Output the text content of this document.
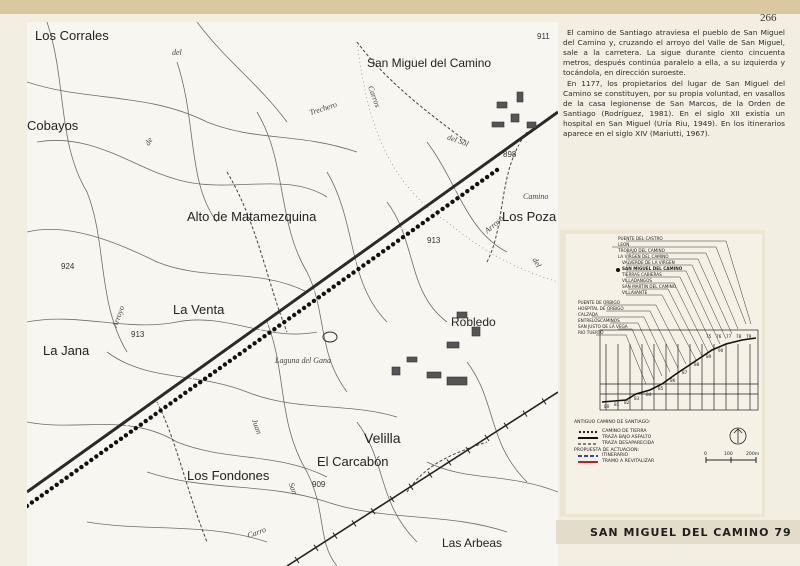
266
Los Corrales
San Miguel del Camino
Cobayos
Alto de Matamezquina	Los Poza
La Venta
La Jana
Robledo
Velilla
El Carcabón
Los Fondones
Las Arbeas
del
Trechero	Carros
del Sol
Camino
Arroyo
Arroyo
Laguna del Gana
Juan
San
Carro
de
del
911
898
913
924
913
909

El camino de Santiago atraviesa el pueblo de San Miguel del Camino y, cruzando el arroyo del Valle de San Miguel, sale a la carretera. La sigue durante ciento cincuenta metros, después continúa paralelo a ella, a su izquierda y tocándola, en dirección suroeste.

En 1177, los propietarios del lugar de San Miguel del Camino se constituyen, por su propia voluntad, en vasallos de la casa legionense de San Marcos, de la Orden de Santiago (Rodríguez, 1981). En el siglo XII existía un hospital en San Miguel (Uría Riu, 1949). En los itinerarios aparece en el siglo XIV (Mariutti, 1967).

PUENTE DEL CASTRO
LEON
TROBAJO DEL CAMINO
LA VIRGEN DEL CAMINO
VALVERDE DE LA VIRGEN
SAN MIGUEL DEL CAMINO
TIERRAS CABIERAS
VILLADANGOS
SAN MARTIN DEL CAMINO
VILLAVANTE
PUENTE DE ORBIGO
HOSPITAL DE ORBIGO
CALZADA
ENTRELOSCAMINOS
SAN JUSTO DE LA VEGA
RIO TUERTO
80 81 82
83
84
85
86
87
88
89
90
75 76 77 78 79
ANTIGUO CAMINO DE SANTIAGO:
CAMINO DE TIERRA
TRAZA BAJO ASFALTO
TRAZA DESAPARECIDA
PROPUESTA DE ACTUACION:
ITINERARIO
TRAMO A REVITALIZAR
0	100	200m
SAN MIGUEL DEL CAMINO 79
